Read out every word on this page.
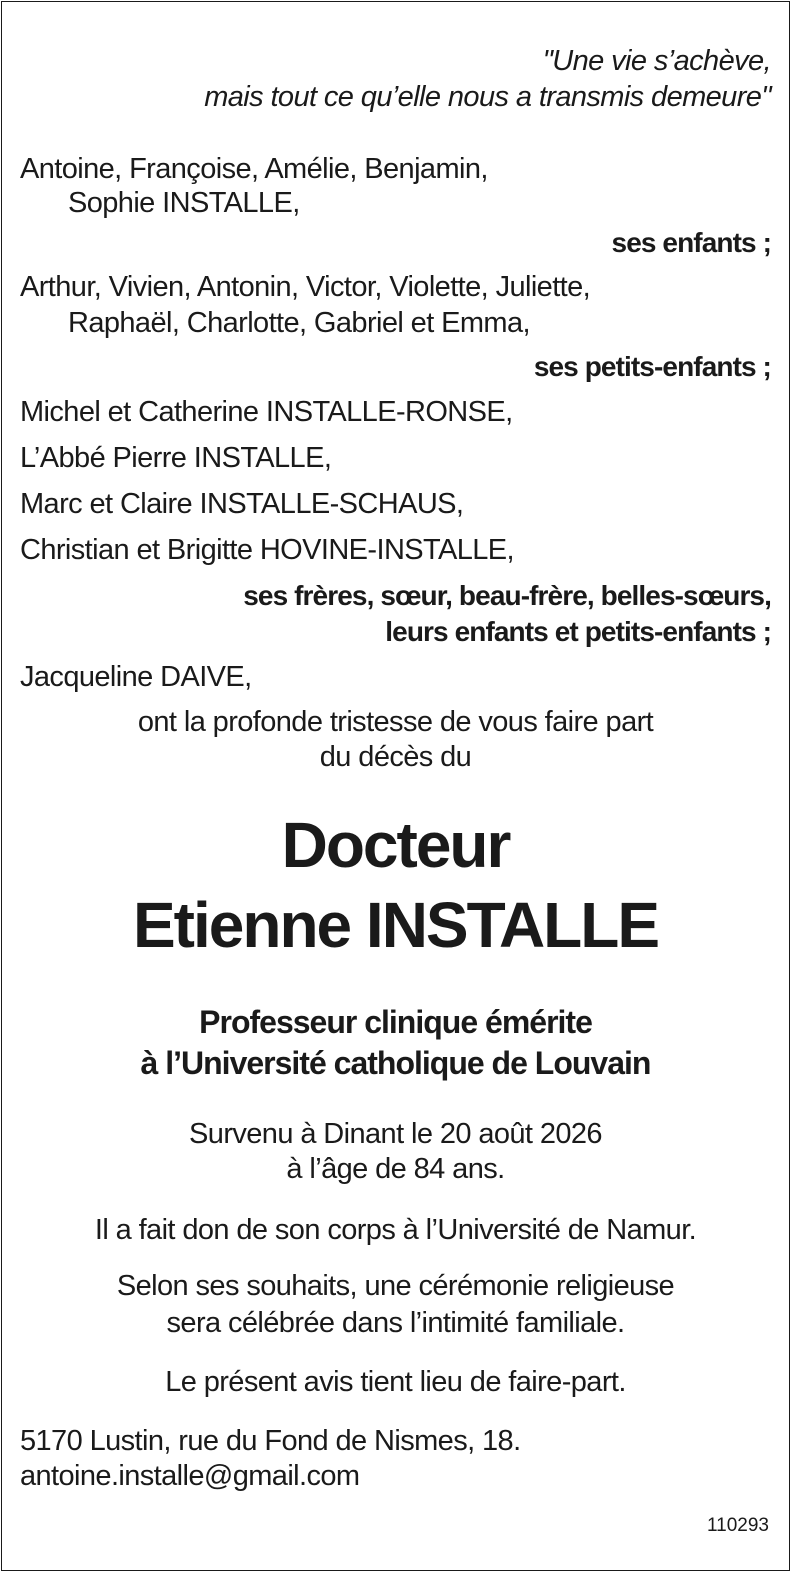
"Une vie s’achève,
mais tout ce qu’elle nous a transmis demeure"
Antoine, Françoise, Amélie, Benjamin,
Sophie INSTALLE,
ses enfants ;
Arthur, Vivien, Antonin, Victor, Violette, Juliette,
Raphaël, Charlotte, Gabriel et Emma,
ses petits-enfants ;
Michel et Catherine INSTALLE-RONSE,
L’Abbé Pierre INSTALLE,
Marc et Claire INSTALLE-SCHAUS,
Christian et Brigitte HOVINE-INSTALLE,
ses frères, sœur, beau-frère, belles-sœurs,
leurs enfants et petits-enfants ;
Jacqueline DAIVE,
ont la profonde tristesse de vous faire part
du décès du
Docteur
Etienne INSTALLE
Professeur clinique émérite
à l’Université catholique de Louvain
Survenu à Dinant le 20 août 2026
à l’âge de 84 ans.
Il a fait don de son corps à l’Université de Namur.
Selon ses souhaits, une cérémonie religieuse
sera célébrée dans l’intimité familiale.
Le présent avis tient lieu de faire-part.
5170 Lustin, rue du Fond de Nismes, 18.
antoine.installe@gmail.com
110293
